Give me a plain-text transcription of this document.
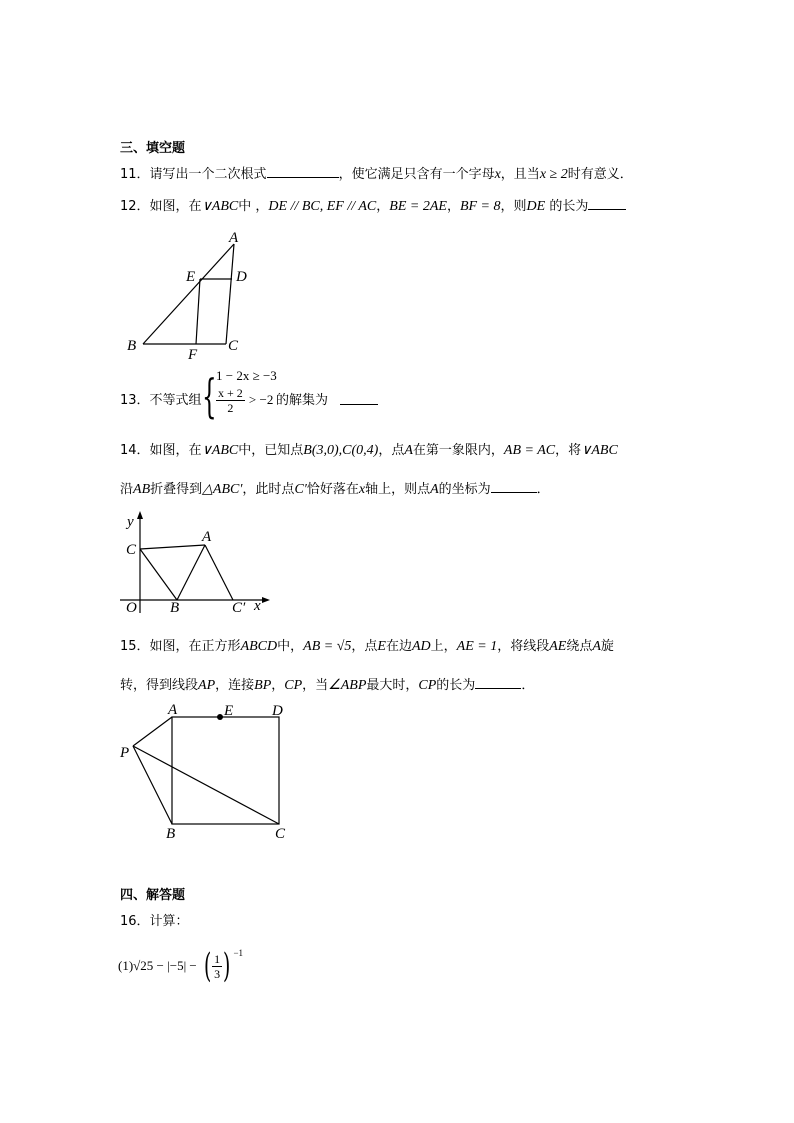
三、填空题
11．请写出一个二次根式	，使它满足只含有一个字母x，且当x ≥ 2时有意义．
12．如图，在∨ABC中 ，DE // BC, EF // AC，BE = 2AE，BF = 8，则DE 的长为
A
E	D
B
F
C
13．不等式组 { 1 − 2x ≥ −3
$\frac{x + 2}{2} > -2$ 的解集为
14．如图，在∨ABC中，已知点B(3,0),C(0,4)，点A在第一象限内，AB = AC，将∨ABC
沿AB折叠得到△ABC′，此时点C′恰好落在x轴上，则点A的坐标为	．
y
C
A
O B	C′ x
15．如图，在正方形ABCD中，AB = √5，点E在边AD上，AE = 1，将线段AE绕点A旋
转，得到线段AP，连接BP，CP，当∠ABP最大时，CP的长为	．
A	E	D
P
B	C
四、解答题
16．计算：
(1)√25 − |−5| − ( $\frac{1}{3}$ ) $^{-1}$
